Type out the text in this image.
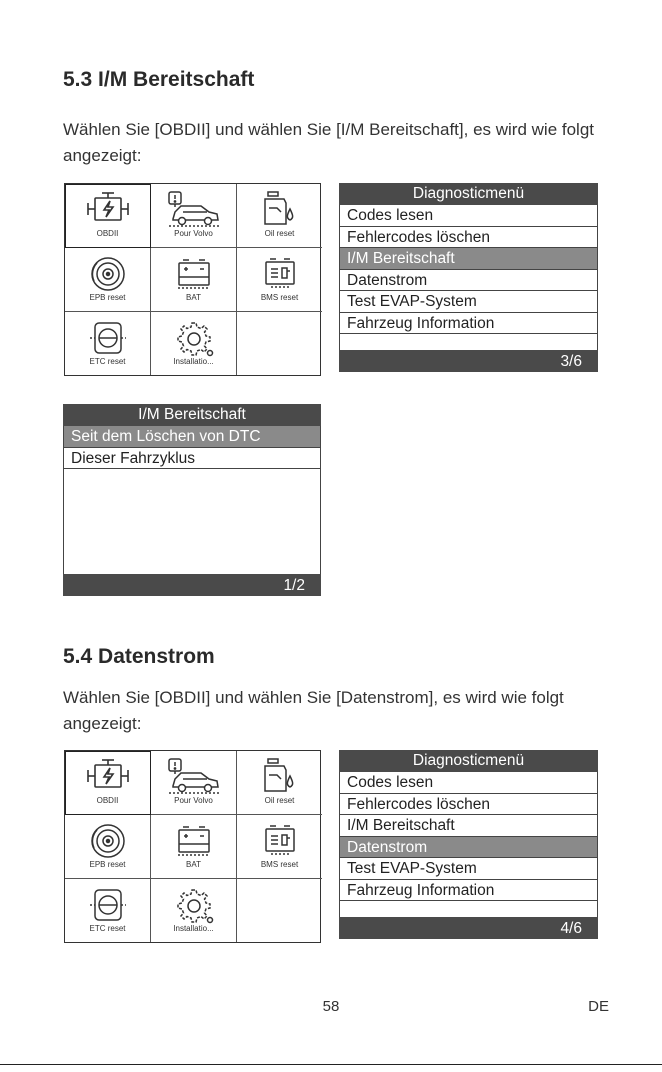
5.3 I/M Bereitschaft

Wählen Sie [OBDII] und wählen Sie [I/M Bereitschaft], es wird wie folgt angezeigt:

OBDII	Pour Volvo	Oil reset
EPB reset	BAT	BMS reset
ETC reset	Installatio...
Diagnosticmenü
Codes lesen
Fehlercodes löschen
I/M Bereitschaft
Datenstrom
Test EVAP-System
Fahrzeug Information
3/6
I/M Bereitschaft
Seit dem Löschen von DTC
Dieser Fahrzyklus
1/2
5.4 Datenstrom

Wählen Sie [OBDII] und wählen Sie [Datenstrom], es wird wie folgt angezeigt:

OBDII	Pour Volvo	Oil reset
EPB reset	BAT	BMS reset
ETC reset	Installatio...
Diagnosticmenü
Codes lesen
Fehlercodes löschen
I/M Bereitschaft
Datenstrom
Test EVAP-System
Fahrzeug Information
4/6
58	DE
